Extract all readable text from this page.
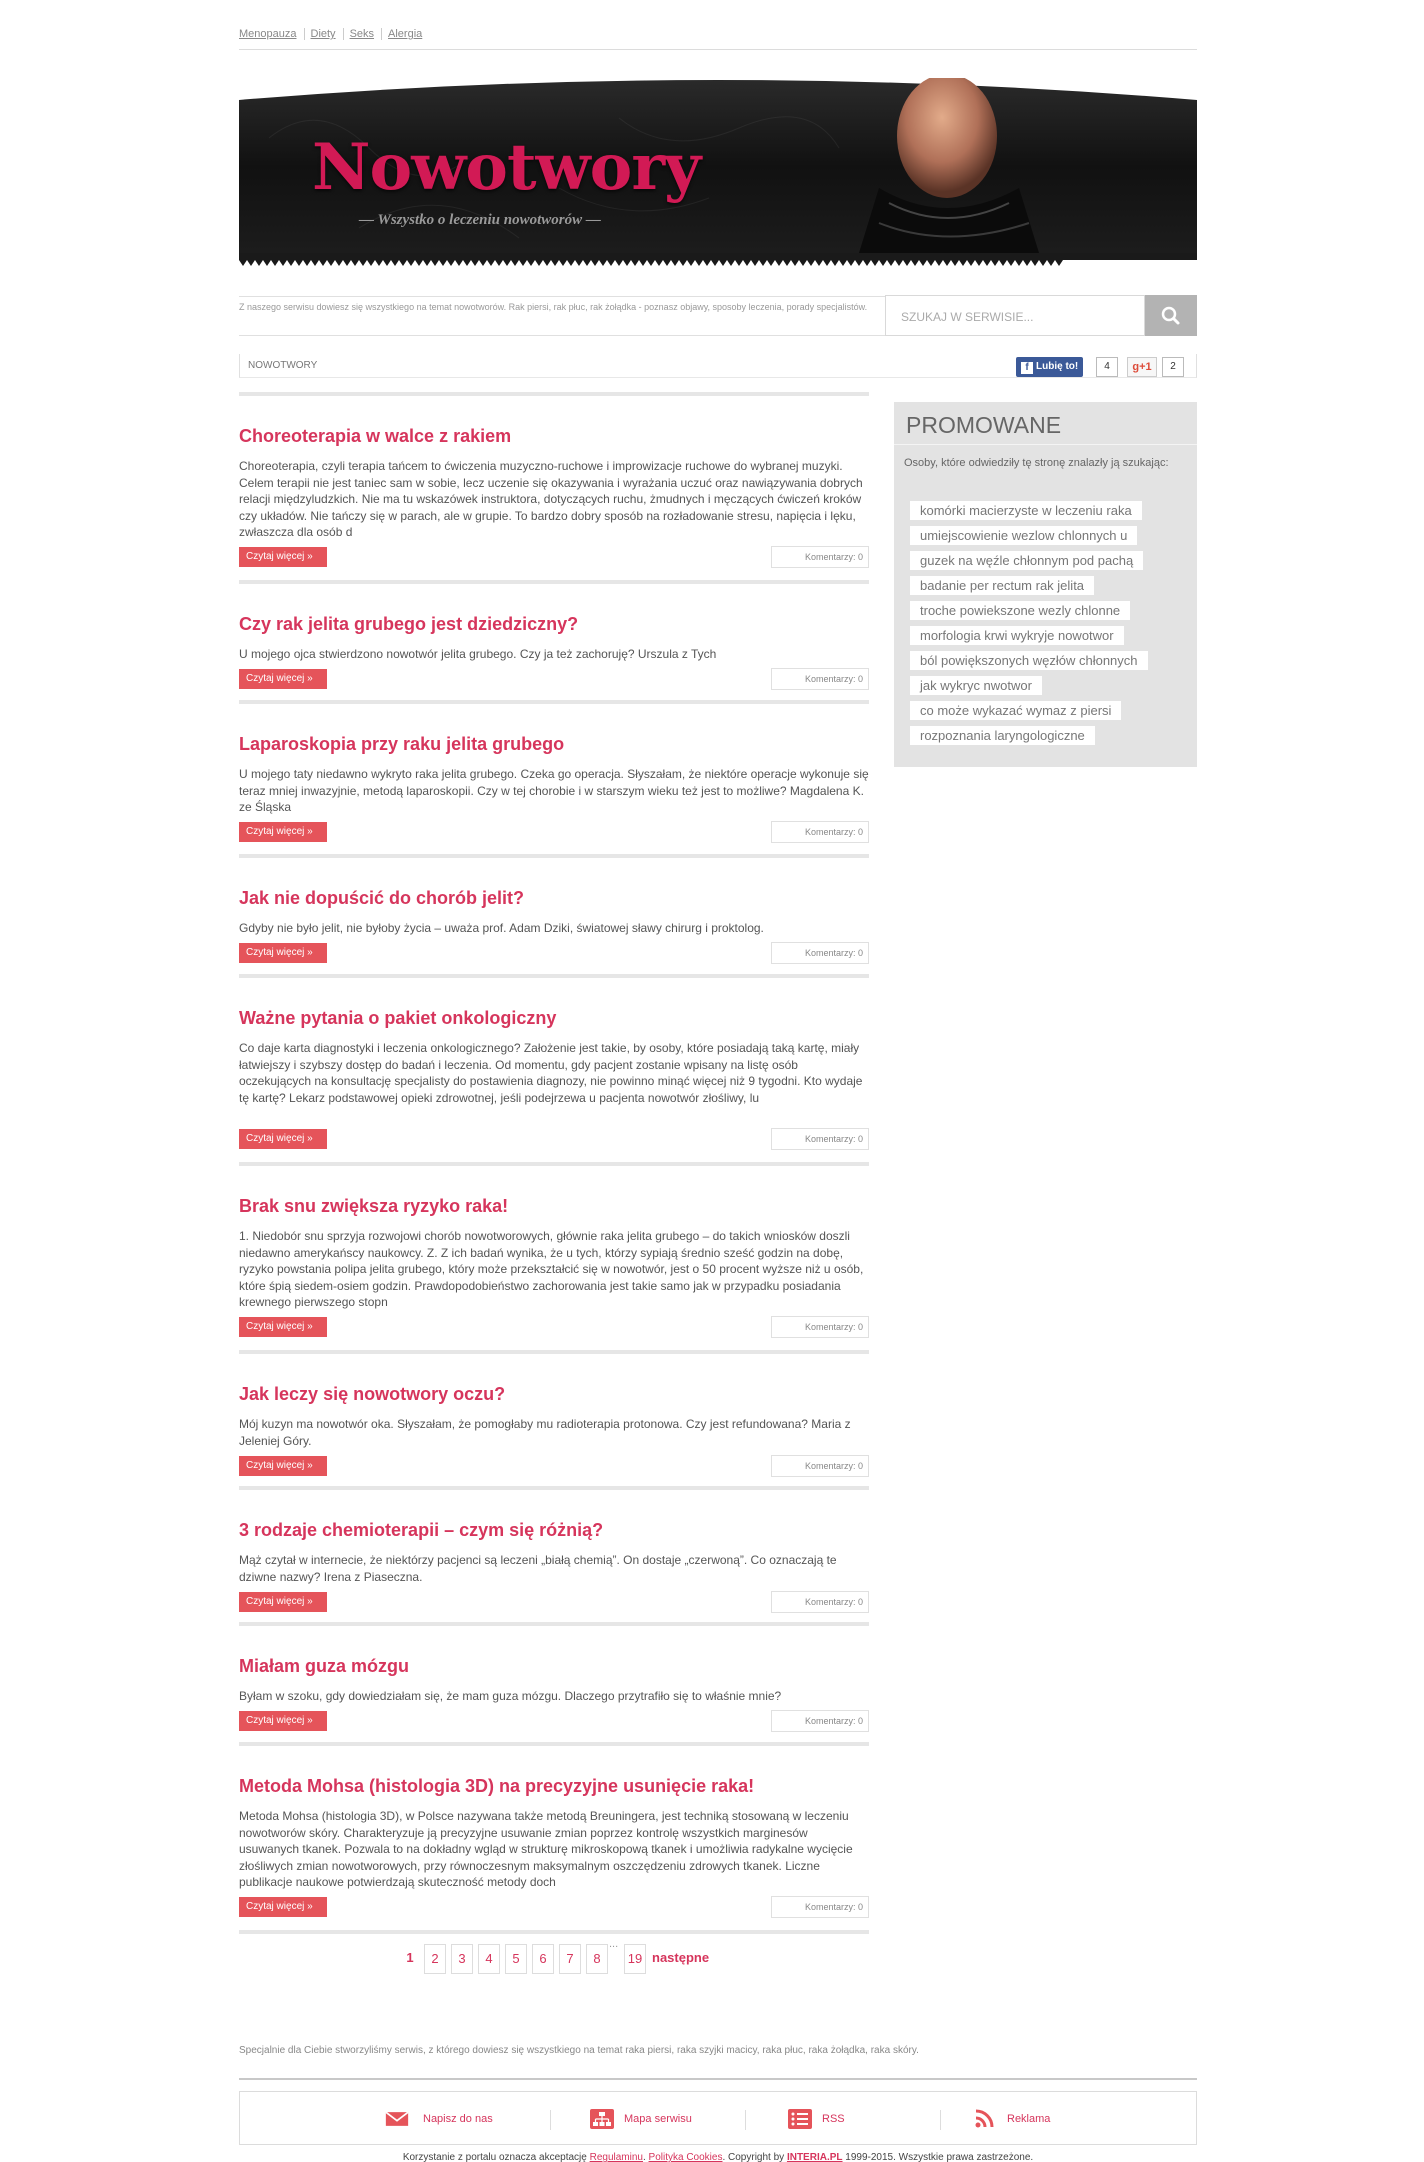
Menopauza Diety Seks Alergia
Nowotwory
— Wszystko o leczeniu nowotworów —
Z naszego serwisu dowiesz się wszystkiego na temat nowotworów. Rak piersi, rak płuc, rak żołądka - poznasz objawy, sposoby leczenia, porady specjalistów.
SZUKAJ W SERWISIE...
NOWOTWORY	f Lubię to!	4	g+1	2
Choreoterapia w walce z rakiem
Choreoterapia, czyli terapia tańcem to ćwiczenia muzyczno-ruchowe i improwizacje ruchowe do wybranej muzyki. Celem terapii nie jest taniec sam w sobie, lecz uczenie się okazywania i wyrażania uczuć oraz nawiązywania dobrych relacji międzyludzkich. Nie ma tu wskazówek instruktora, dotyczących ruchu, żmudnych i męczących ćwiczeń kroków czy układów. Nie tańczy się w parach, ale w grupie. To bardzo dobry sposób na rozładowanie stresu, napięcia i lęku, zwłaszcza dla osób d
Czytaj więcej »	Komentarzy: 0
Czy rak jelita grubego jest dziedziczny?
U mojego ojca stwierdzono nowotwór jelita grubego. Czy ja też zachoruję? Urszula z Tych
Czytaj więcej »	Komentarzy: 0
Laparoskopia przy raku jelita grubego
U mojego taty niedawno wykryto raka jelita grubego. Czeka go operacja. Słyszałam, że niektóre operacje wykonuje się teraz mniej inwazyjnie, metodą laparoskopii. Czy w tej chorobie i w starszym wieku też jest to możliwe? Magdalena K. ze Śląska
Czytaj więcej »	Komentarzy: 0
Jak nie dopuścić do chorób jelit?
Gdyby nie było jelit, nie byłoby życia – uważa prof. Adam Dziki, światowej sławy chirurg i proktolog.
Czytaj więcej »	Komentarzy: 0
Ważne pytania o pakiet onkologiczny
Co daje karta diagnostyki i leczenia onkologicznego? Założenie jest takie, by osoby, które posiadają taką kartę, miały łatwiejszy i szybszy dostęp do badań i leczenia. Od momentu, gdy pacjent zostanie wpisany na listę osób oczekujących na konsultację specjalisty do postawienia diagnozy, nie powinno minąć więcej niż 9 tygodni. Kto wydaje tę kartę? Lekarz podstawowej opieki zdrowotnej, jeśli podejrzewa u pacjenta nowotwór złośliwy, lu
Czytaj więcej »	Komentarzy: 0
Brak snu zwiększa ryzyko raka!
1. Niedobór snu sprzyja rozwojowi chorób nowotworowych, głównie raka jelita grubego – do takich wniosków doszli niedawno amerykańscy naukowcy. Z. Z ich badań wynika, że u tych, którzy sypiają średnio sześć godzin na dobę, ryzyko powstania polipa jelita grubego, który może przekształcić się w nowotwór, jest o 50 procent wyższe niż u osób, które śpią siedem-osiem godzin. Prawdopodobieństwo zachorowania jest takie samo jak w przypadku posiadania krewnego pierwszego stopn
Czytaj więcej »	Komentarzy: 0
Jak leczy się nowotwory oczu?
Mój kuzyn ma nowotwór oka. Słyszałam, że pomogłaby mu radioterapia protonowa. Czy jest refundowana? Maria z Jeleniej Góry.
Czytaj więcej »	Komentarzy: 0
3 rodzaje chemioterapii – czym się różnią?
Mąż czytał w internecie, że niektórzy pacjenci są leczeni „białą chemią”. On dostaje „czerwoną”. Co oznaczają te dziwne nazwy? Irena z Piaseczna.
Czytaj więcej »	Komentarzy: 0
Miałam guza mózgu
Byłam w szoku, gdy dowiedziałam się, że mam guza mózgu. Dlaczego przytrafiło się to właśnie mnie?
Czytaj więcej »	Komentarzy: 0
Metoda Mohsa (histologia 3D) na precyzyjne usunięcie raka!
Metoda Mohsa (histologia 3D), w Polsce nazywana także metodą Breuningera, jest techniką stosowaną w leczeniu nowotworów skóry. Charakteryzuje ją precyzyjne usuwanie zmian poprzez kontrolę wszystkich marginesów usuwanych tkanek. Pozwala to na dokładny wgląd w strukturę mikroskopową tkanek i umożliwia radykalne wycięcie złośliwych zmian nowotworowych, przy równoczesnym maksymalnym oszczędzeniu zdrowych tkanek. Liczne publikacje naukowe potwierdzają skuteczność metody doch
Czytaj więcej »	Komentarzy: 0
1	2	3	4	5	6	7	8
...
19 następne
PROMOWANE
Osoby, które odwiedziły tę stronę znalazły ją szukając:
komórki macierzyste w leczeniu raka
umiejscowienie wezlow chlonnych u
guzek na węźle chłonnym pod pachą
badanie per rectum rak jelita
troche powiekszone wezly chlonne
morfologia krwi wykryje nowotwor
ból powiększonych węzłów chłonnych
jak wykryc nwotwor
co może wykazać wymaz z piersi
rozpoznania laryngologiczne
Specjalnie dla Ciebie stworzyliśmy serwis, z którego dowiesz się wszystkiego na temat raka piersi, raka szyjki macicy, raka płuc, raka żołądka, raka skóry.
Napisz do nas	Mapa serwisu	RSS	Reklama
Korzystanie z portalu oznacza akceptację Regulaminu. Polityka Cookies. Copyright by INTERIA.PL 1999-2015. Wszystkie prawa zastrzeżone.
